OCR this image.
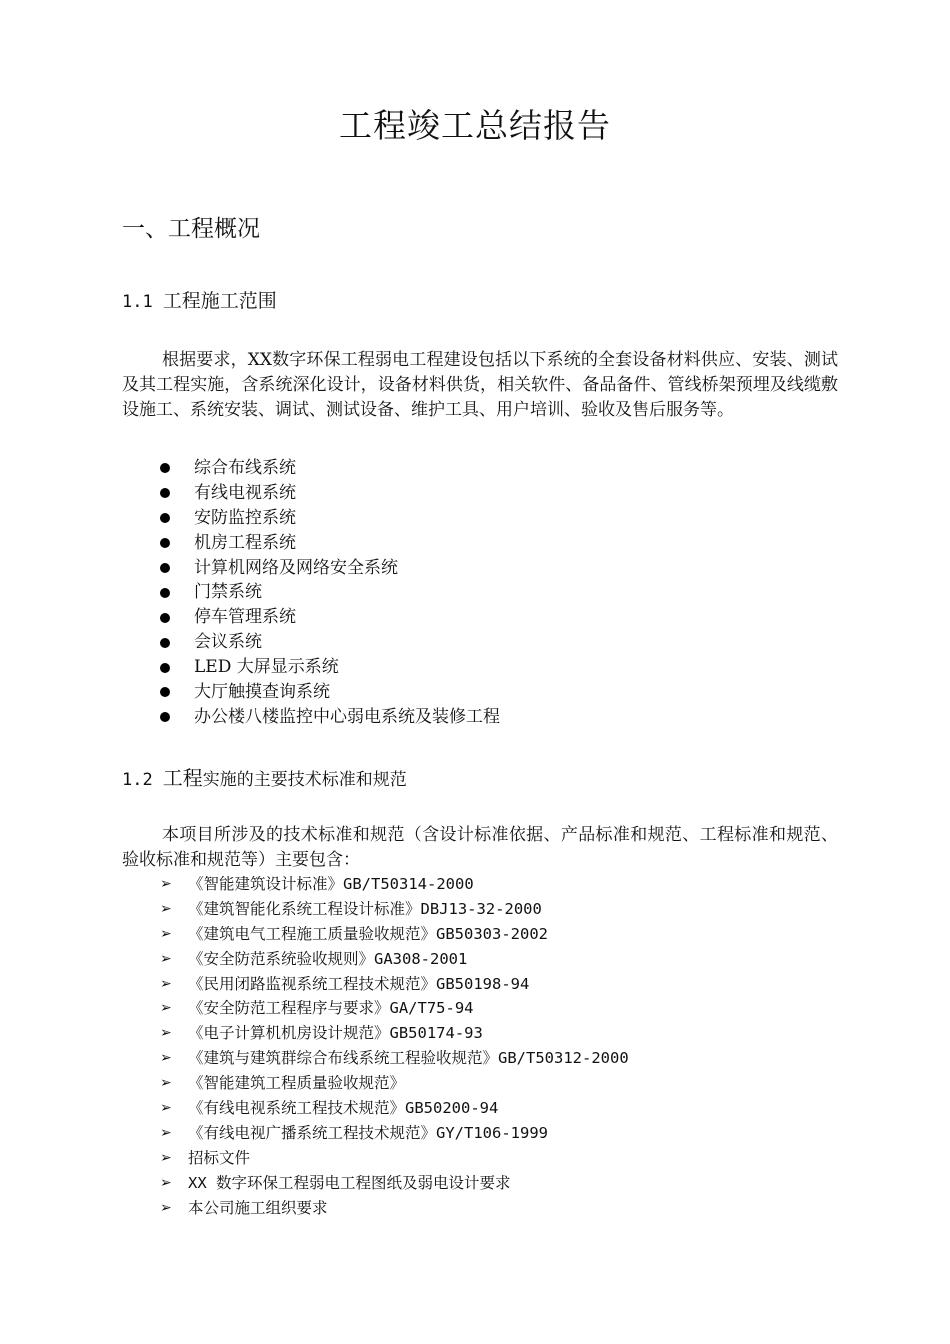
工程竣工总结报告
一、工程概况
1.1 工程施工范围

根据要求，XX数字环保工程弱电工程建设包括以下系统的全套设备材料供应、安装、测试及其工程实施，含系统深化设计，设备材料供货，相关软件、备品备件、管线桥架预埋及线缆敷设施工、系统安装、调试、测试设备、维护工具、用户培训、验收及售后服务等。

综合布线系统
有线电视系统
安防监控系统
机房工程系统
计算机网络及网络安全系统
门禁系统
停车管理系统
会议系统
LED 大屏显示系统
大厅触摸查询系统
办公楼八楼监控中心弱电系统及装修工程
1.2 工程实施的主要技术标准和规范

本项目所涉及的技术标准和规范（含设计标准依据、产品标准和规范、工程标准和规范、验收标准和规范等）主要包含：

➢	《智能建筑设计标准》GB/T50314-2000
➢	《建筑智能化系统工程设计标准》DBJ13-32-2000
➢	《建筑电气工程施工质量验收规范》GB50303-2002
➢	《安全防范系统验收规则》GA308-2001
➢	《民用闭路监视系统工程技术规范》GB50198-94
➢	《安全防范工程程序与要求》GA/T75-94
➢	《电子计算机机房设计规范》GB50174-93
➢	《建筑与建筑群综合布线系统工程验收规范》GB/T50312-2000
➢	《智能建筑工程质量验收规范》
➢	《有线电视系统工程技术规范》GB50200-94
➢	《有线电视广播系统工程技术规范》GY/T106-1999
➢	招标文件
➢	XX 数字环保工程弱电工程图纸及弱电设计要求
➢	本公司施工组织要求
